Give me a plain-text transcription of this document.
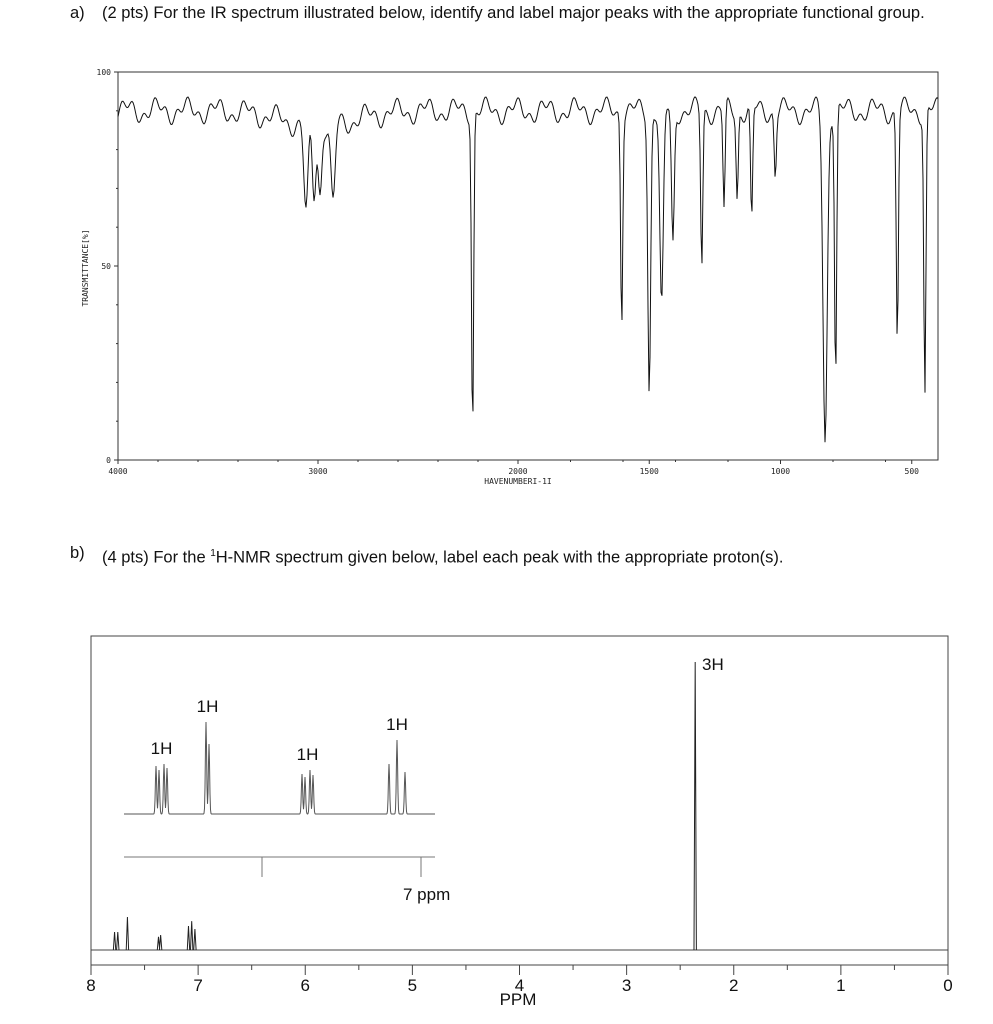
a) (2 pts) For the IR spectrum illustrated below, identify and label major peaks with the appropriate functional group.
TRANSMITTANCE[%]
HAVENUMBERI-1I
4000	3000	2000	1500	1000	500
100
50
0
b) (4 pts) For the $^1$H-NMR spectrum given below, label each peak with the appropriate proton(s).
8	7	6	5	4	3	2	1	0
PPM
3H
7 ppm
1H
1H
1H
1H
